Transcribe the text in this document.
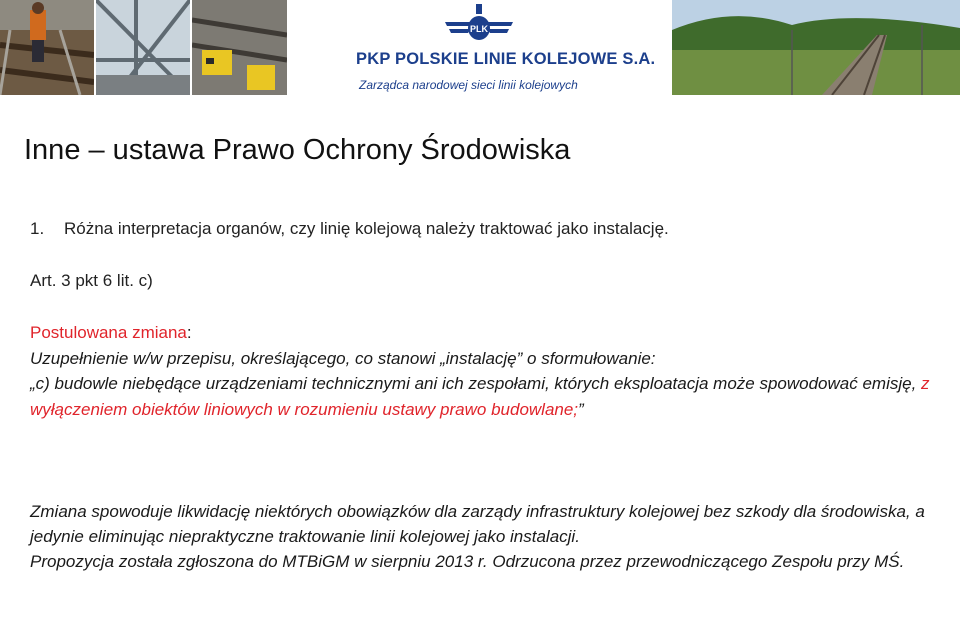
PLK
PKP POLSKIE LINIE KOLEJOWE S.A.
Zarządca narodowej sieci linii kolejowych
Inne – ustawa Prawo Ochrony Środowiska
1. Różna interpretacja organów, czy linię kolejową należy traktować jako instalację.
Art. 3 pkt 6 lit. c)

Postulowana zmiana:

Uzupełnienie w/w przepisu, określającego, co stanowi „instalację” o sformułowanie:

„c) budowle niebędące urządzeniami technicznymi ani ich zespołami, których eksploatacja może spowodować emisję, z wyłączeniem obiektów liniowych w rozumieniu ustawy prawo budowlane;”

Zmiana spowoduje likwidację niektórych obowiązków dla zarządy infrastruktury kolejowej bez szkody dla środowiska, a jedynie eliminując niepraktyczne traktowanie linii kolejowej jako instalacji.

Propozycja została zgłoszona do MTBiGM w sierpniu 2013 r. Odrzucona przez przewodniczącego Zespołu przy MŚ.
